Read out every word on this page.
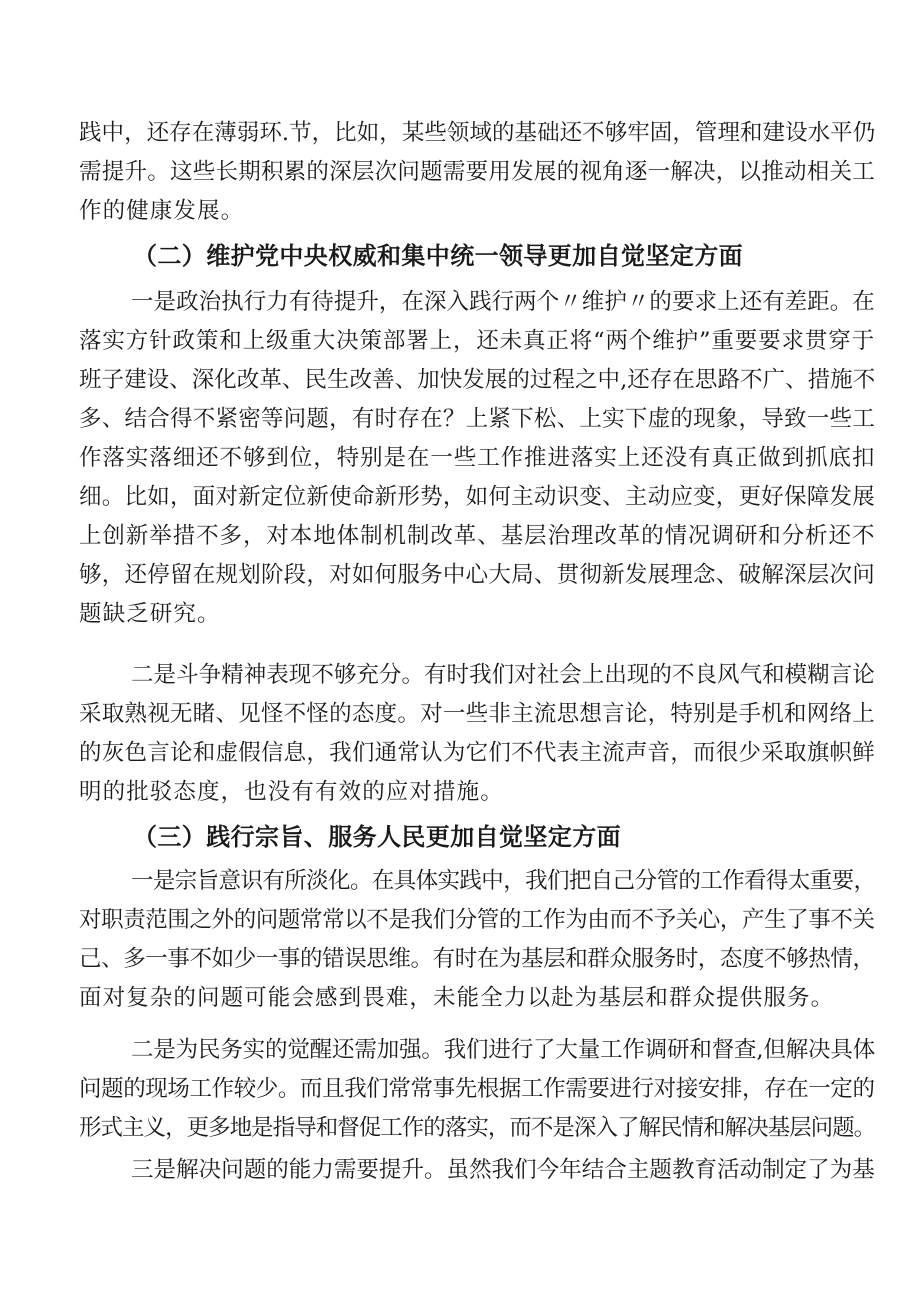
践中，还存在薄弱环.节，比如，某些领域的基础还不够牢固，管理和建设水平仍
需提升。这些长期积累的深层次问题需要用发展的视角逐一解决，以推动相关工
作的健康发展。
（二）维护党中央权威和集中统一领导更加自觉坚定方面
一是政治执行力有待提升，在深入践行两个〃维护〃的要求上还有差距。在
落实方针政策和上级重大决策部署上，还未真正将“两个维护”重要要求贯穿于
班子建设、深化改革、民生改善、加快发展的过程之中,还存在思路不广、措施不
多、结合得不紧密等问题，有时存在？上紧下松、上实下虚的现象，导致一些工
作落实落细还不够到位，特别是在一些工作推进落实上还没有真正做到抓底扣
细。比如，面对新定位新使命新形势，如何主动识变、主动应变，更好保障发展
上创新举措不多，对本地体制机制改革、基层治理改革的情况调研和分析还不
够，还停留在规划阶段，对如何服务中心大局、贯彻新发展理念、破解深层次问
题缺乏研究。
二是斗争精神表现不够充分。有时我们对社会上出现的不良风气和模糊言论
采取熟视无睹、见怪不怪的态度。对一些非主流思想言论，特别是手机和网络上
的灰色言论和虚假信息，我们通常认为它们不代表主流声音，而很少采取旗帜鲜
明的批驳态度，也没有有效的应对措施。
（三）践行宗旨、服务人民更加自觉坚定方面
一是宗旨意识有所淡化。在具体实践中，我们把自己分管的工作看得太重要，
对职责范围之外的问题常常以不是我们分管的工作为由而不予关心，产生了事不关
己、多一事不如少一事的错误思维。有时在为基层和群众服务时，态度不够热情，
面对复杂的问题可能会感到畏难，未能全力以赴为基层和群众提供服务。
二是为民务实的觉醒还需加强。我们进行了大量工作调研和督查,但解决具体
问题的现场工作较少。而且我们常常事先根据工作需要进行对接安排，存在一定的
形式主义，更多地是指导和督促工作的落实，而不是深入了解民情和解决基层问题。
三是解决问题的能力需要提升。虽然我们今年结合主题教育活动制定了为基
